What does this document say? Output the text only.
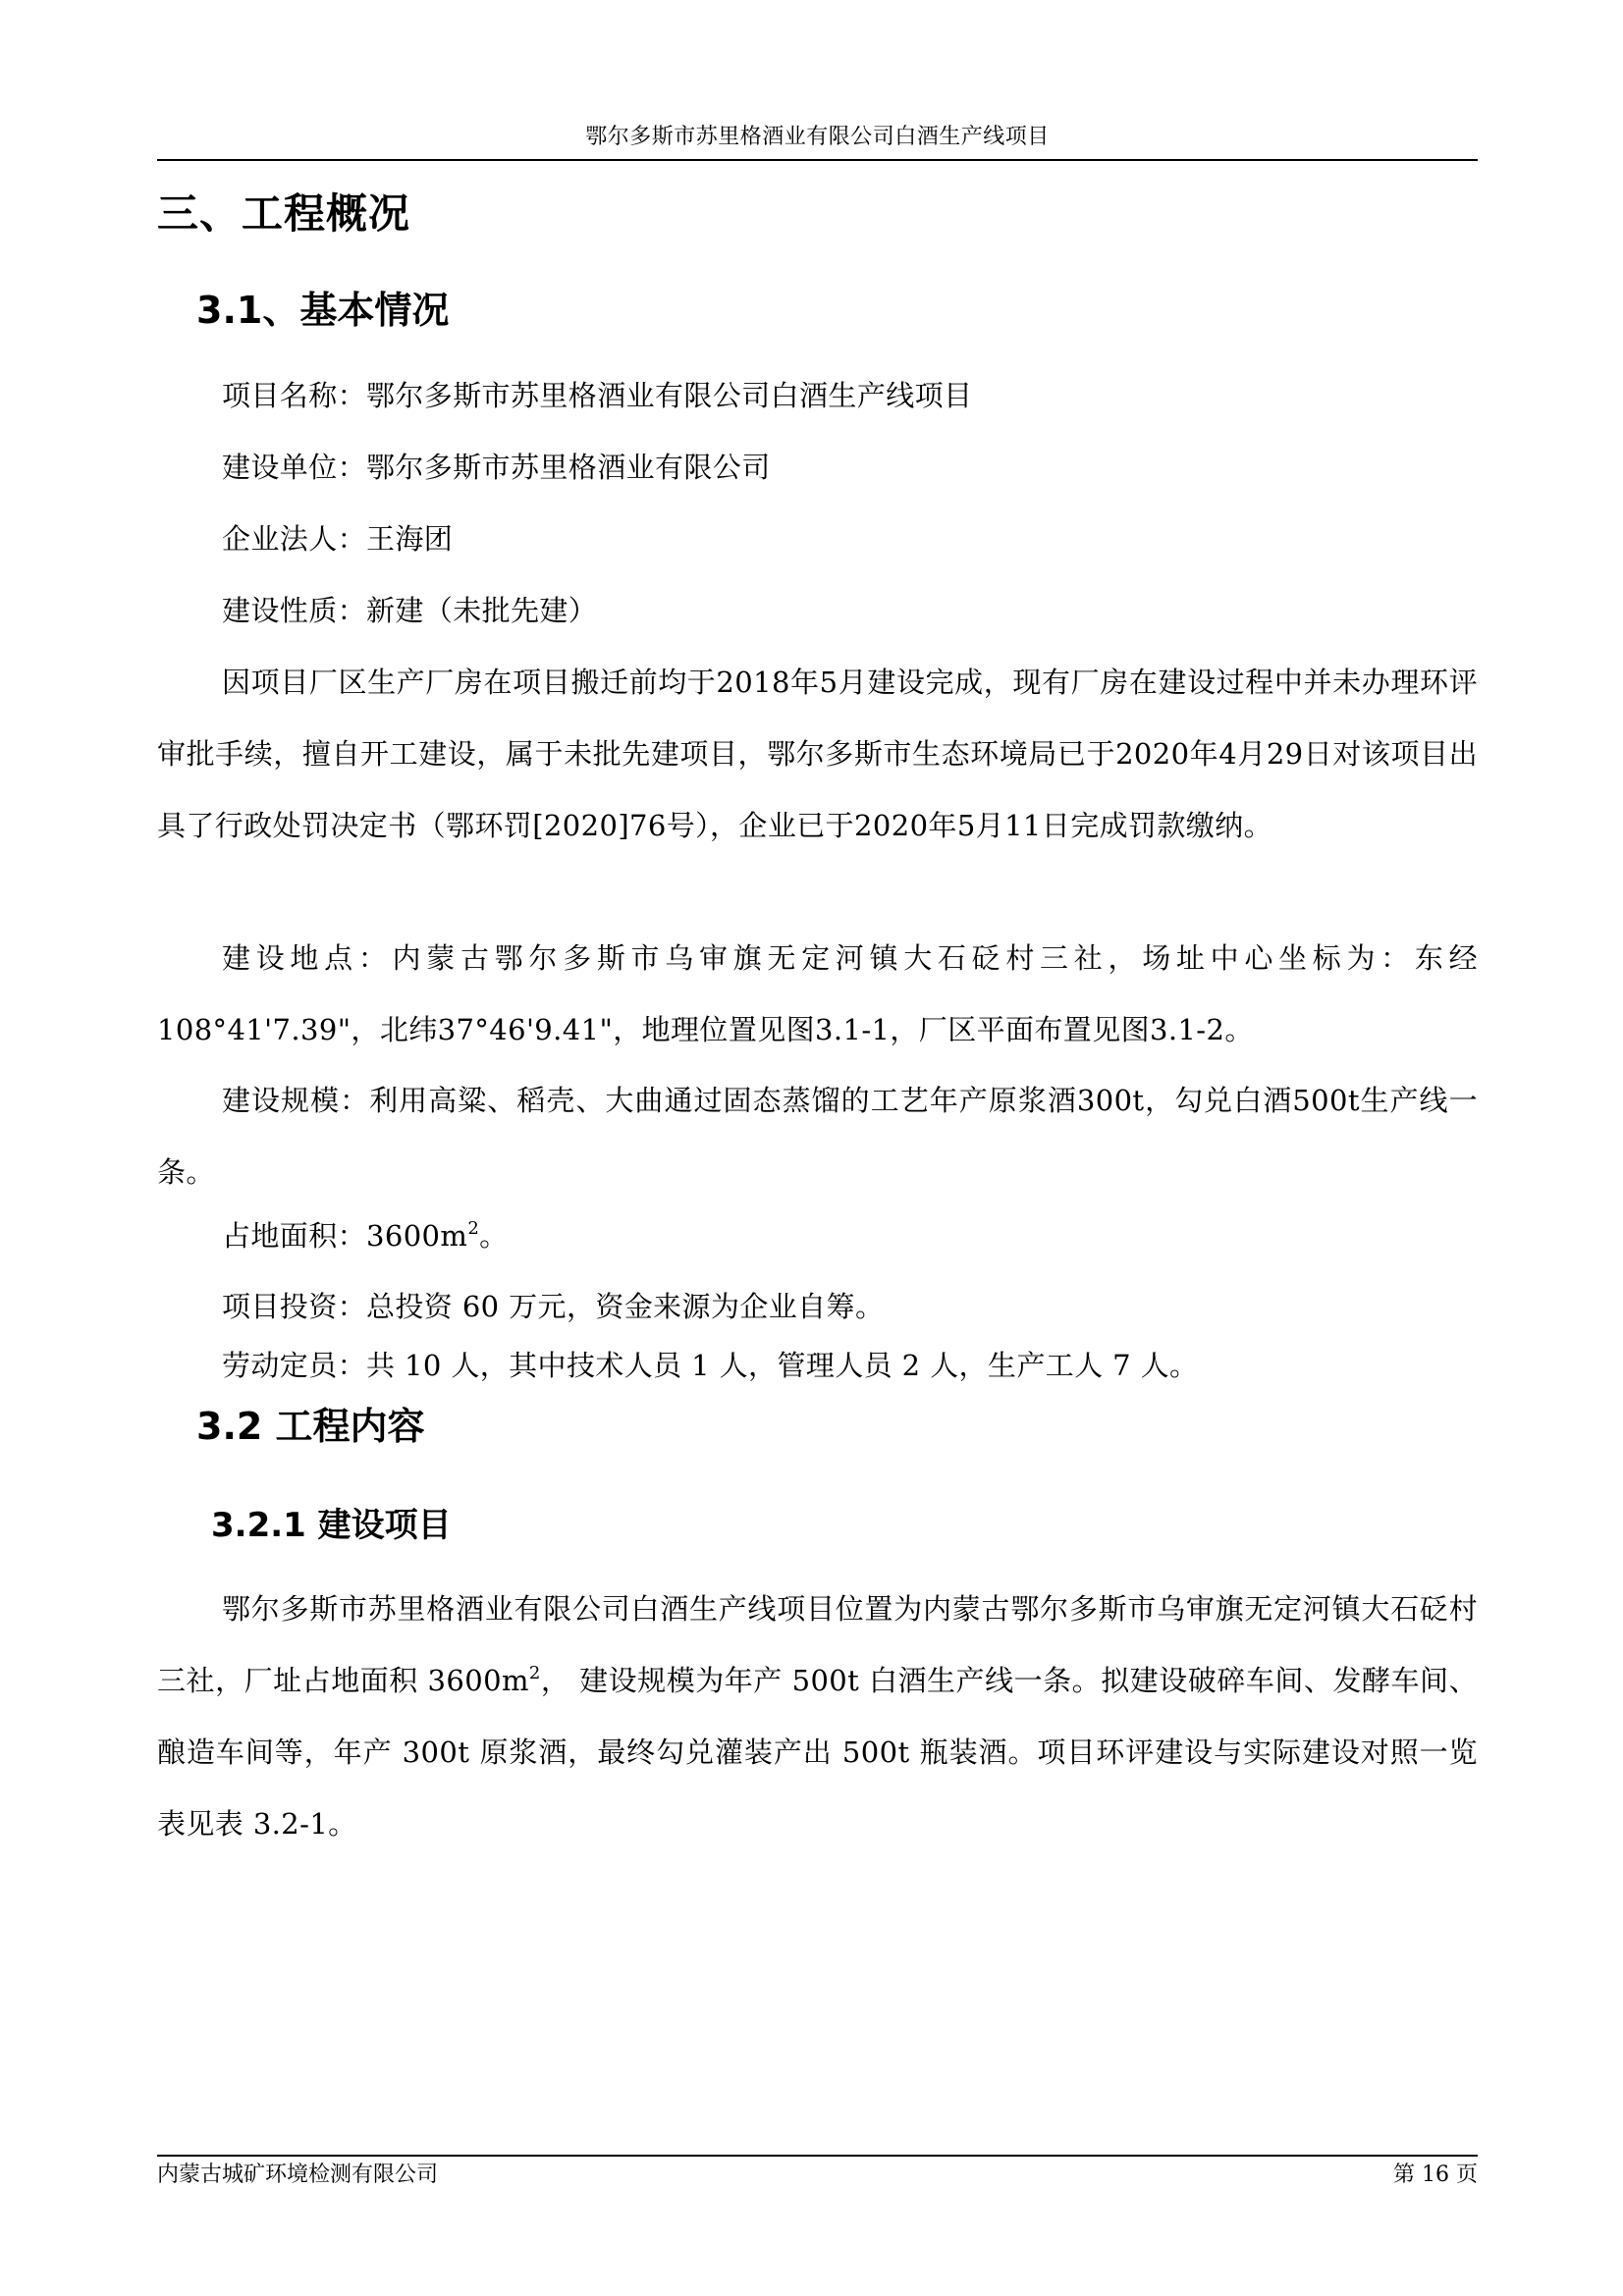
鄂尔多斯市苏里格酒业有限公司白酒生产线项目
三、工程概况
3.1、基本情况
项目名称：鄂尔多斯市苏里格酒业有限公司白酒生产线项目
建设单位：鄂尔多斯市苏里格酒业有限公司
企业法人：王海团
建设性质：新建（未批先建）
因项目厂区生产厂房在项目搬迁前均于2018年5月建设完成，现有厂房在建设过程中并未办理环评审批手续，擅自开工建设，属于未批先建项目，鄂尔多斯市生态环境局已于2020年4月29日对该项目出具了行政处罚决定书（鄂环罚[2020]76号），企业已于2020年5月11日完成罚款缴纳。
建设地点：内蒙古鄂尔多斯市乌审旗无定河镇大石砭村三社，场址中心坐标为：东经108°41'7.39"，北纬37°46'9.41"，地理位置见图3.1-1，厂区平面布置见图3.1-2。
建设规模：利用高粱、稻壳、大曲通过固态蒸馏的工艺年产原浆酒300t，勾兑白酒500t生产线一条。
占地面积：$3600m^2$。
项目投资：总投资 60 万元，资金来源为企业自筹。
劳动定员：共 10 人，其中技术人员 1 人，管理人员 2 人，生产工人 7 人。
3.2 工程内容
3.2.1 建设项目
鄂尔多斯市苏里格酒业有限公司白酒生产线项目位置为内蒙古鄂尔多斯市乌审旗无定河镇大石砭村三社，厂址占地面积 $3600m^2$， 建设规模为年产 500t 白酒生产线一条。拟建设破碎车间、发酵车间、酿造车间等，年产 300t 原浆酒，最终勾兑灌装产出 500t 瓶装酒。项目环评建设与实际建设对照一览表见表 3.2-1。
内蒙古城矿环境检测有限公司	第 16 页
